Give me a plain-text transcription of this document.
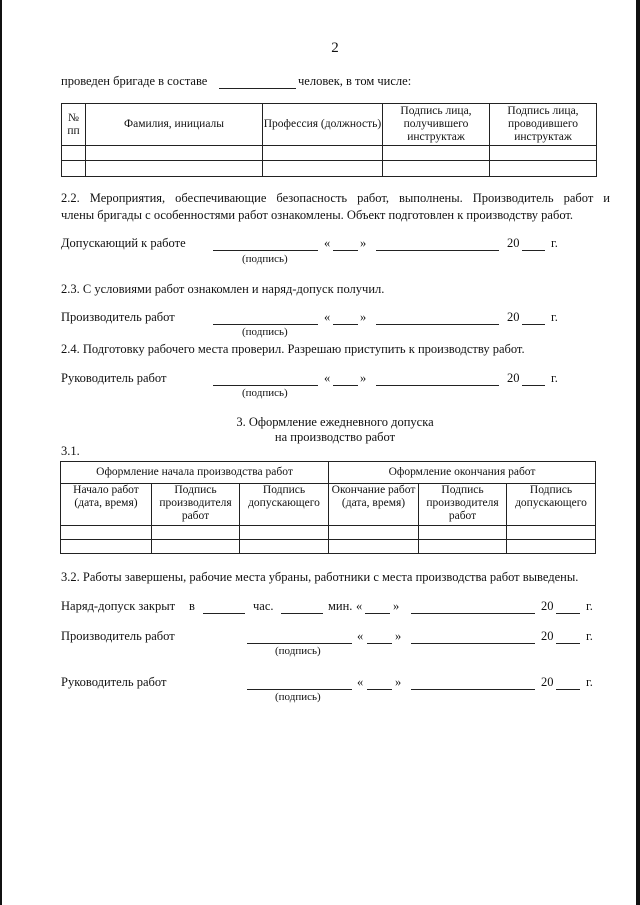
2
проведен бригаде в составе	человек, в том числе:
№ пп	Фамилия, инициалы	Профессия (должность)	Подпись лица, получившего инструктаж	Подпись лица, проводившего инструктаж

2.2. Мероприятия, обеспечивающие безопасность работ, выполнены. Производитель работ и
члены бригады с особенностями работ ознакомлены. Объект подготовлен к производству работ.
Допускающий к работе
(подпись)
« »	20	г.
2.3. С условиями работ ознакомлен и наряд-допуск получил.
Производитель работ
(подпись)
« »	20	г.
2.4. Подготовку рабочего места проверил. Разрешаю приступить к производству работ.
Руководитель работ
(подпись)
« »	20	г.
3. Оформление ежедневного допуска
на производство работ
3.1.
Оформление начала производства работ			Оформление окончания работ		
Начало работ (дата, время)	Подпись производителя работ	Подпись допускающего	Окончание работ (дата, время)	Подпись производителя работ	Подпись допускающего

3.2. Работы завершены, рабочие места убраны, работники с места производства работ выведены.
Наряд-допуск закрыт в	час.	мин. « »	20	г.
Производитель работ
(подпись)
«	»	20	г.
Руководитель работ
(подпись)
«	»	20	г.
